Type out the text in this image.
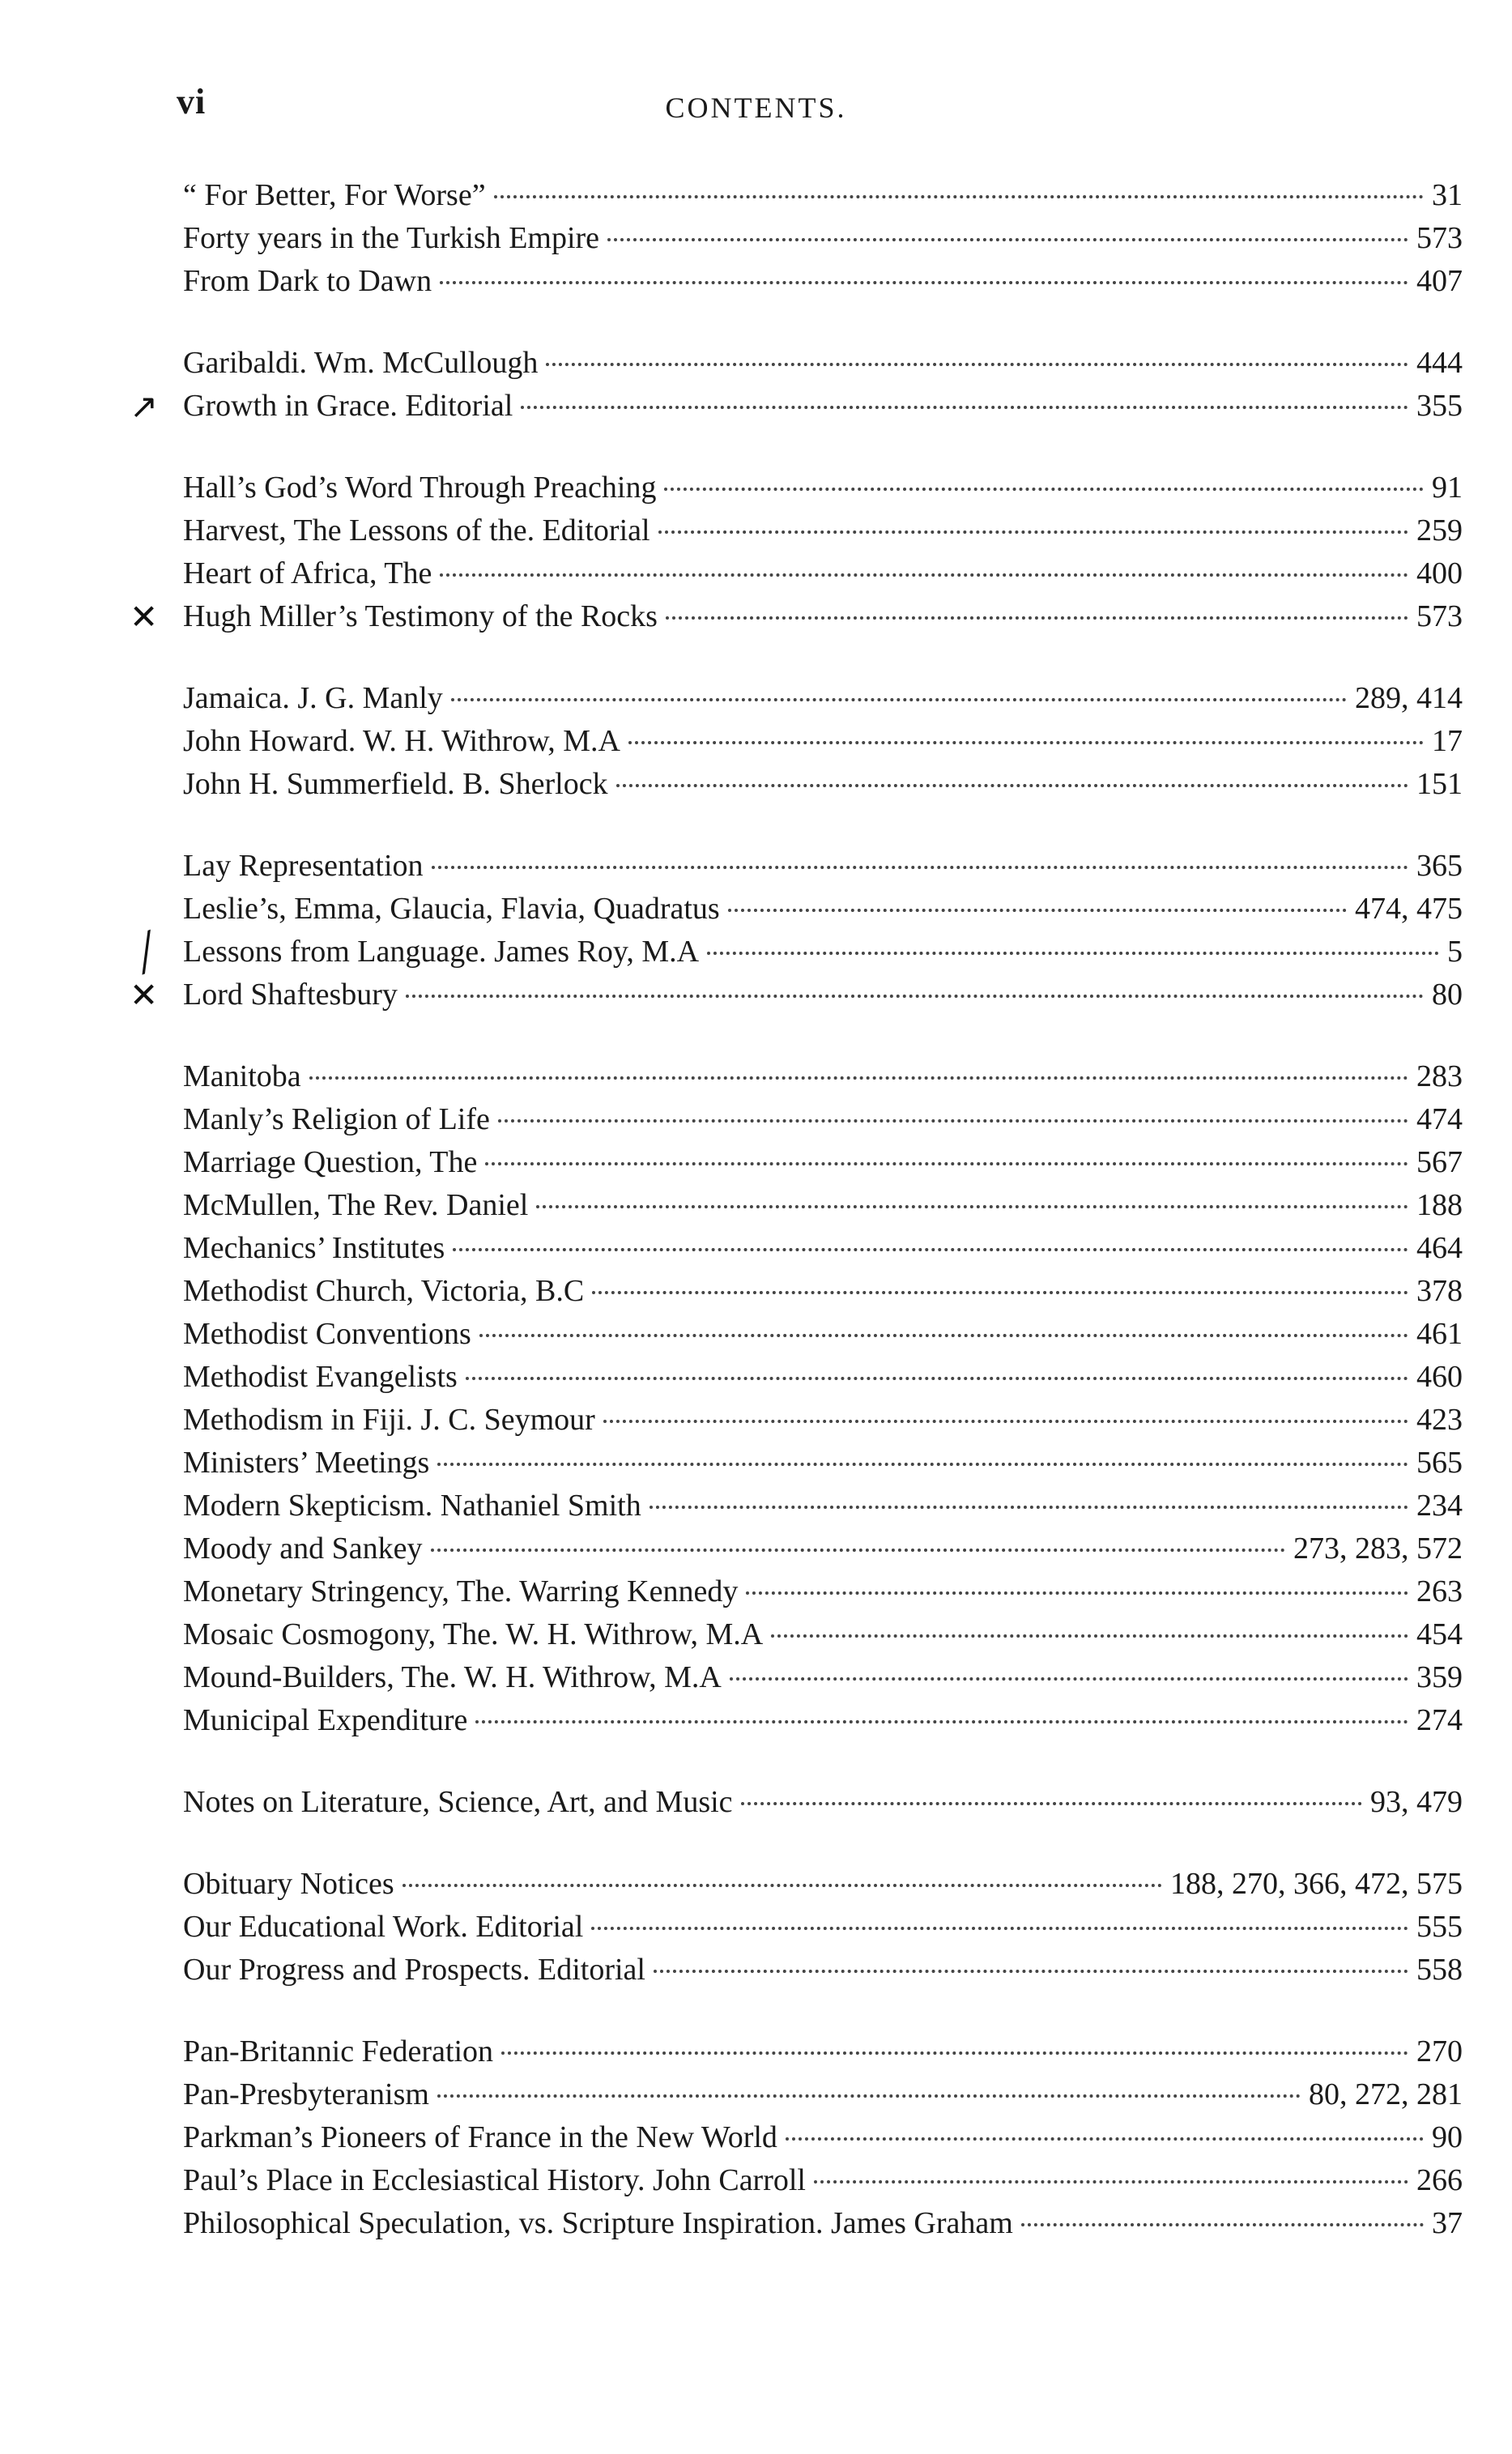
vi	CONTENTS.
“ For Better, For Worse”	31
Forty years in the Turkish Empire	573
From Dark to Dawn	407
Garibaldi. Wm. McCullough	444
↗ Growth in Grace. Editorial	355
Hall’s God’s Word Through Preaching	91
Harvest, The Lessons of the. Editorial	259
Heart of Africa, The	400
✕ Hugh Miller’s Testimony of the Rocks	573
Jamaica. J. G. Manly	289, 414
John Howard. W. H. Withrow, M.A	17
John H. Summerfield. B. Sherlock	151
Lay Representation	365
Leslie’s, Emma, Glaucia, Flavia, Quadratus	474, 475
╱ Lessons from Language. James Roy, M.A	5
✕ Lord Shaftesbury	80
Manitoba	283
Manly’s Religion of Life	474
Marriage Question, The	567
McMullen, The Rev. Daniel	188
Mechanics’ Institutes	464
Methodist Church, Victoria, B.C	378
Methodist Conventions	461
Methodist Evangelists	460
Methodism in Fiji. J. C. Seymour	423
Ministers’ Meetings	565
Modern Skepticism. Nathaniel Smith	234
Moody and Sankey	273, 283, 572
Monetary Stringency, The. Warring Kennedy	263
Mosaic Cosmogony, The. W. H. Withrow, M.A	454
Mound-Builders, The. W. H. Withrow, M.A	359
Municipal Expenditure	274
Notes on Literature, Science, Art, and Music	93, 479
Obituary Notices	188, 270, 366, 472, 575
Our Educational Work. Editorial	555
Our Progress and Prospects. Editorial	558
Pan-Britannic Federation	270
Pan-Presbyteranism	80, 272, 281
Parkman’s Pioneers of France in the New World	90
Paul’s Place in Ecclesiastical History. John Carroll	266
Philosophical Speculation, vs. Scripture Inspiration. James Graham	37
